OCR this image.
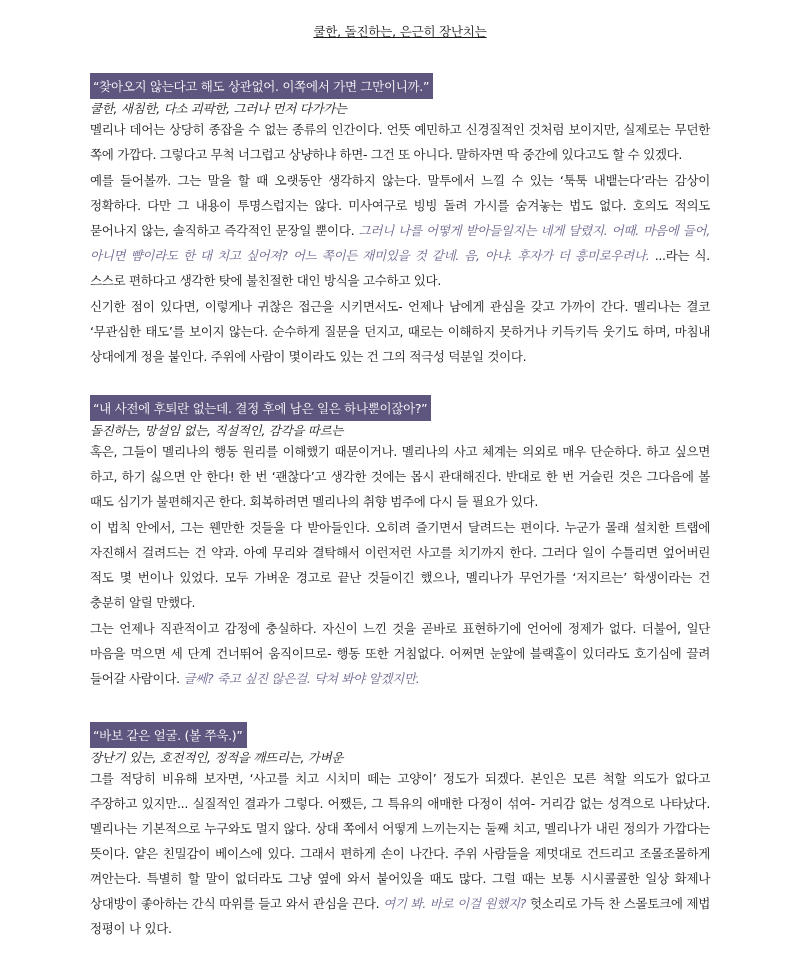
쿨한, 돌진하는, 은근히 장난치는
“찾아오지 않는다고 해도 상관없어. 이쪽에서 가면 그만이니까.”
쿨한, 새침한, 다소 괴팍한, 그러나 먼저 다가가는

멜리나 데어는 상당히 종잡을 수 없는 종류의 인간이다. 언뜻 예민하고 신경질적인 것처럼 보이지만, 실제로는 무던한 쪽에 가깝다. 그렇다고 무척 너그럽고 상냥하냐 하면- 그건 또 아니다. 말하자면 딱 중간에 있다고도 할 수 있겠다.

예를 들어볼까. 그는 말을 할 때 오랫동안 생각하지 않는다. 말투에서 느낄 수 있는 ‘툭툭 내뱉는다’라는 감상이 정확하다. 다만 그 내용이 투명스럽지는 않다. 미사여구로 빙빙 돌려 가시를 숨겨놓는 법도 없다. 호의도 적의도 묻어나지 않는, 솔직하고 즉각적인 문장일 뿐이다. 그러니 나를 어떻게 받아들일지는 네게 달렸지. 어때. 마음에 들어, 아니면 뺨이라도 한 대 치고 싶어져? 어느 쪽이든 재미있을 것 같네. 음, 아냐. 후자가 더 흥미로우려나. ...라는 식. 스스로 편하다고 생각한 탓에 불친절한 대인 방식을 고수하고 있다.

신기한 점이 있다면, 이렇게나 귀찮은 접근을 시키면서도- 언제나 남에게 관심을 갖고 가까이 간다. 멜리나는 결코 ‘무관심한 태도’를 보이지 않는다. 순수하게 질문을 던지고, 때로는 이해하지 못하거나 키득키득 웃기도 하며, 마침내 상대에게 정을 붙인다. 주위에 사람이 몇이라도 있는 건 그의 적극성 덕분일 것이다.

“내 사전에 후퇴란 없는데. 결정 후에 남은 일은 하나뿐이잖아?”
돌진하는, 망설임 없는, 직설적인, 감각을 따르는

혹은, 그들이 멜리나의 행동 원리를 이해했기 때문이거나. 멜리나의 사고 체계는 의외로 매우 단순하다. 하고 싶으면 하고, 하기 싫으면 안 한다! 한 번 ‘괜찮다’고 생각한 것에는 몹시 관대해진다. 반대로 한 번 거슬린 것은 그다음에 볼 때도 심기가 불편해지곤 한다. 회복하려면 멜리나의 취향 범주에 다시 들 필요가 있다.

이 법칙 안에서, 그는 웬만한 것들을 다 받아들인다. 오히려 즐기면서 달려드는 편이다. 누군가 몰래 설치한 트랩에 자진해서 걸려드는 건 약과. 아예 무리와 결탁해서 이런저런 사고를 치기까지 한다. 그러다 일이 수틀리면 엎어버린 적도 몇 번이나 있었다. 모두 가벼운 경고로 끝난 것들이긴 했으나, 멜리나가 무언가를 ‘저지르는’ 학생이라는 건 충분히 알릴 만했다.

그는 언제나 직관적이고 감정에 충실하다. 자신이 느낀 것을 곧바로 표현하기에 언어에 정제가 없다. 더불어, 일단 마음을 먹으면 세 단계 건너뛰어 움직이므로- 행동 또한 거침없다. 어쩌면 눈앞에 블랙홀이 있더라도 호기심에 끌려 들어갈 사람이다. 글쎄? 죽고 싶진 않은걸. 닥쳐 봐야 알겠지만.

“바보 같은 얼굴. (볼 쭈욱.)”
장난기 있는, 호전적인, 정적을 깨뜨리는, 가벼운

그를 적당히 비유해 보자면, ‘사고를 치고 시치미 떼는 고양이’ 정도가 되겠다. 본인은 모른 척할 의도가 없다고 주장하고 있지만... 실질적인 결과가 그렇다. 어쨌든, 그 특유의 애매한 다정이 섞여- 거리감 없는 성격으로 나타났다. 멜리나는 기본적으로 누구와도 멀지 않다. 상대 쪽에서 어떻게 느끼는지는 둘째 치고, 멜리나가 내린 정의가 가깝다는 뜻이다. 얕은 친밀감이 베이스에 있다. 그래서 편하게 손이 나간다. 주위 사람들을 제멋대로 건드리고 조몰조몰하게 껴안는다. 특별히 할 말이 없더라도 그냥 옆에 와서 붙어있을 때도 많다. 그럴 때는 보통 시시콜콜한 일상 화제나 상대방이 좋아하는 간식 따위를 들고 와서 관심을 끈다. 여기 봐. 바로 이걸 원했지? 헛소리로 가득 찬 스몰토크에 제법 정평이 나 있다.
